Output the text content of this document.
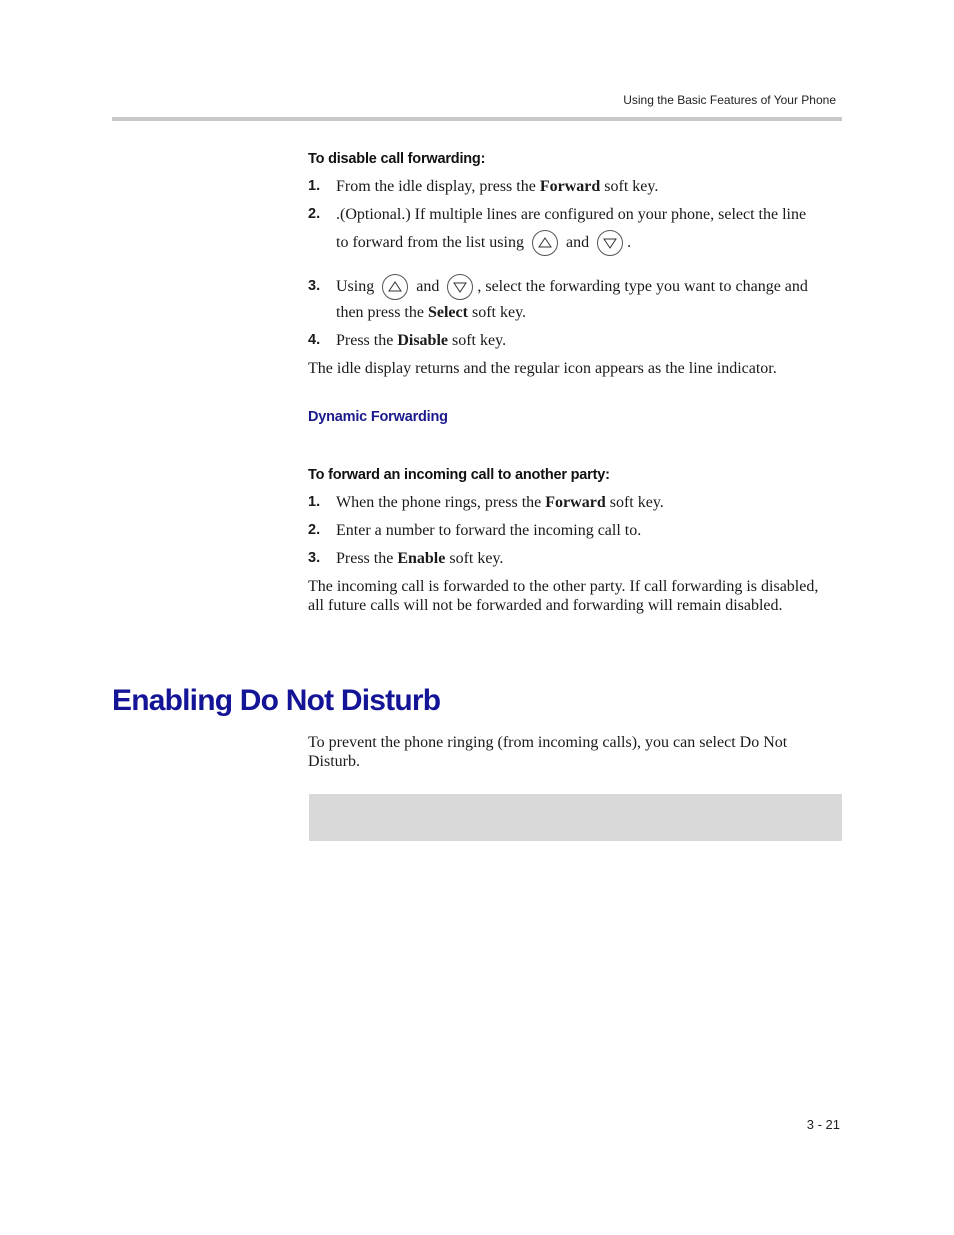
Using the Basic Features of Your Phone
To disable call forwarding:
1. From the idle display, press the Forward soft key.
2. .(Optional.) If multiple lines are configured on your phone, select the line
to forward from the list using	and .
3. Using	and , select the forwarding type you want to change and
then press the Select soft key.
4. Press the Disable soft key.
The idle display returns and the regular icon appears as the line indicator.
Dynamic Forwarding
To forward an incoming call to another party:
1. When the phone rings, press the Forward soft key.
2. Enter a number to forward the incoming call to.
3. Press the Enable soft key.
The incoming call is forwarded to the other party. If call forwarding is disabled, all future calls will not be forwarded and forwarding will remain disabled.
Enabling Do Not Disturb
To prevent the phone ringing (from incoming calls), you can select Do Not Disturb.
3 - 21
